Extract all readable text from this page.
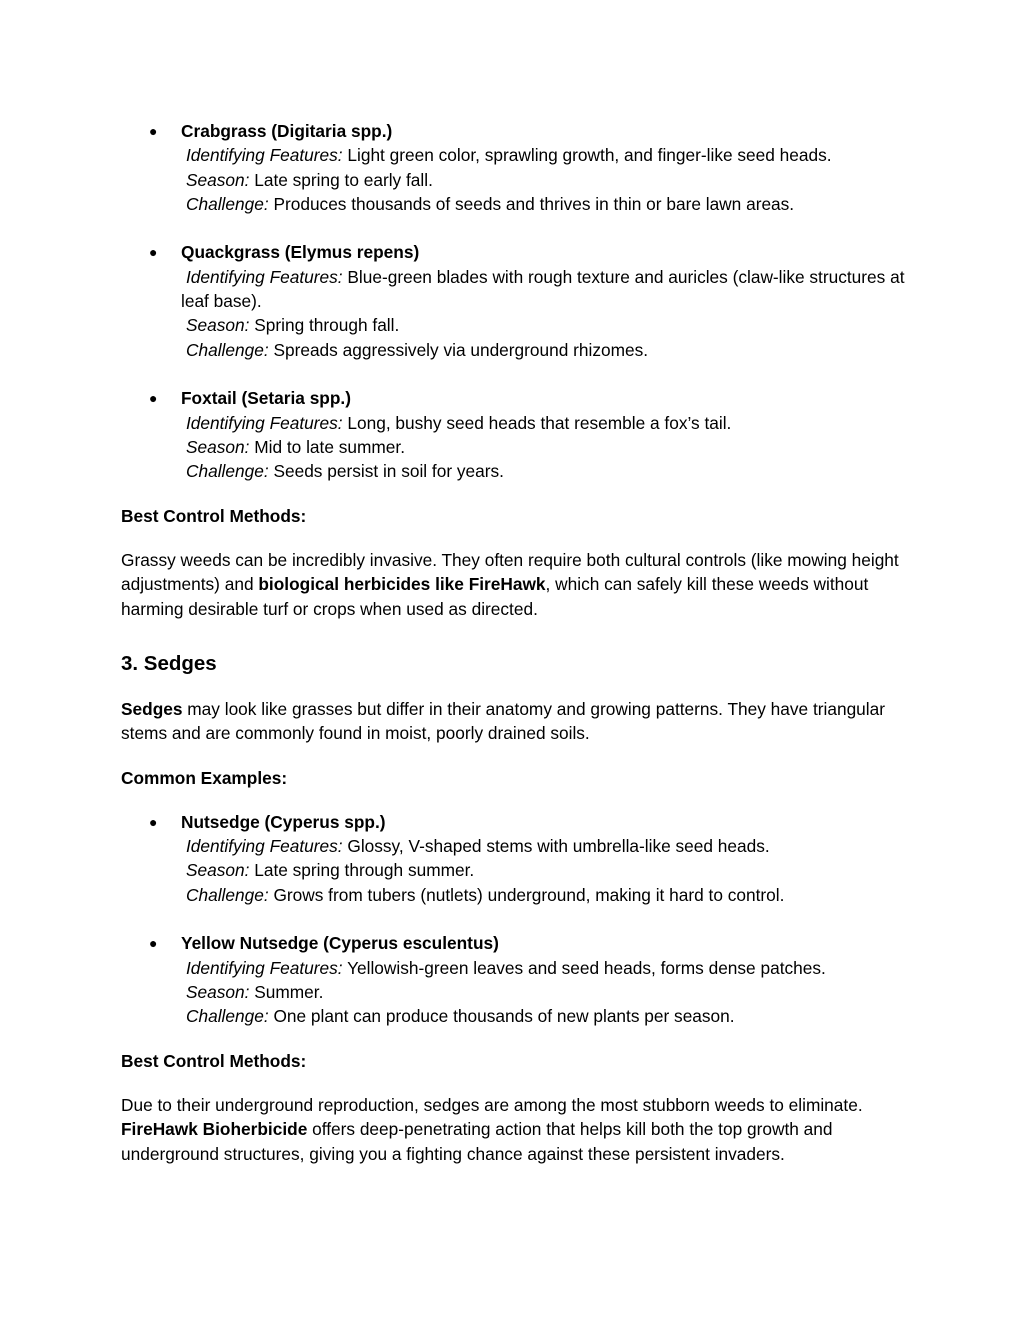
● Crabgrass (Digitaria spp.)
Identifying Features: Light green color, sprawling growth, and finger-like seed heads.
Season: Late spring to early fall.
Challenge: Produces thousands of seeds and thrives in thin or bare lawn areas.
● Quackgrass (Elymus repens)
Identifying Features: Blue-green blades with rough texture and auricles (claw-like structures at leaf base).
Season: Spring through fall.
Challenge: Spreads aggressively via underground rhizomes.
● Foxtail (Setaria spp.)
Identifying Features: Long, bushy seed heads that resemble a fox’s tail.
Season: Mid to late summer.
Challenge: Seeds persist in soil for years.

Best Control Methods:

Grassy weeds can be incredibly invasive. They often require both cultural controls (like mowing height adjustments) and biological herbicides like FireHawk, which can safely kill these weeds without harming desirable turf or crops when used as directed.

3. Sedges

Sedges may look like grasses but differ in their anatomy and growing patterns. They have triangular stems and are commonly found in moist, poorly drained soils.

Common Examples:

● Nutsedge (Cyperus spp.)
Identifying Features: Glossy, V-shaped stems with umbrella-like seed heads.
Season: Late spring through summer.
Challenge: Grows from tubers (nutlets) underground, making it hard to control.
● Yellow Nutsedge (Cyperus esculentus)
Identifying Features: Yellowish-green leaves and seed heads, forms dense patches.
Season: Summer.
Challenge: One plant can produce thousands of new plants per season.

Best Control Methods:

Due to their underground reproduction, sedges are among the most stubborn weeds to eliminate. FireHawk Bioherbicide offers deep-penetrating action that helps kill both the top growth and underground structures, giving you a fighting chance against these persistent invaders.
